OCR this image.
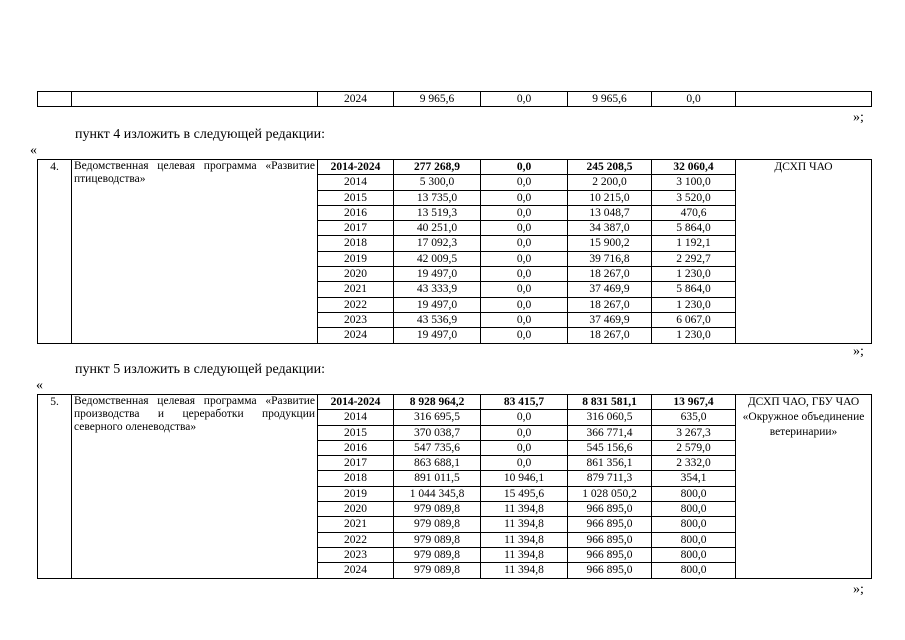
		2024	9 965,6	0,0	9 965,6	0,0	
»;
пункт 4 изложить в следующей редакции:
«
4.	Ведомственная целевая программа «Развитие птицеводства»	2014-2024	277 268,9	0,0	245 208,5	32 060,4	ДСХП ЧАО
		2014	5 300,0	0,0	2 200,0	3 100,0	
		2015	13 735,0	0,0	10 215,0	3 520,0	
		2016	13 519,3	0,0	13 048,7	470,6	
		2017	40 251,0	0,0	34 387,0	5 864,0	
		2018	17 092,3	0,0	15 900,2	1 192,1	
		2019	42 009,5	0,0	39 716,8	2 292,7	
		2020	19 497,0	0,0	18 267,0	1 230,0	
		2021	43 333,9	0,0	37 469,9	5 864,0	
		2022	19 497,0	0,0	18 267,0	1 230,0	
		2023	43 536,9	0,0	37 469,9	6 067,0	
		2024	19 497,0	0,0	18 267,0	1 230,0	
»;
пункт 5 изложить в следующей редакции:
«
5.	Ведомственная целевая программа «Развитие производства и цереработки продукции северного оленеводства»	2014-2024	8 928 964,2	83 415,7	8 831 581,1	13 967,4	ДСХП ЧАО, ГБУ ЧАО «Окружное объединение ветеринарии»
		2014	316 695,5	0,0	316 060,5	635,0	
		2015	370 038,7	0,0	366 771,4	3 267,3	
		2016	547 735,6	0,0	545 156,6	2 579,0	
		2017	863 688,1	0,0	861 356,1	2 332,0	
		2018	891 011,5	10 946,1	879 711,3	354,1	
		2019	1 044 345,8	15 495,6	1 028 050,2	800,0	
		2020	979 089,8	11 394,8	966 895,0	800,0	
		2021	979 089,8	11 394,8	966 895,0	800,0	
		2022	979 089,8	11 394,8	966 895,0	800,0	
		2023	979 089,8	11 394,8	966 895,0	800,0	
		2024	979 089,8	11 394,8	966 895,0	800,0	
»;
